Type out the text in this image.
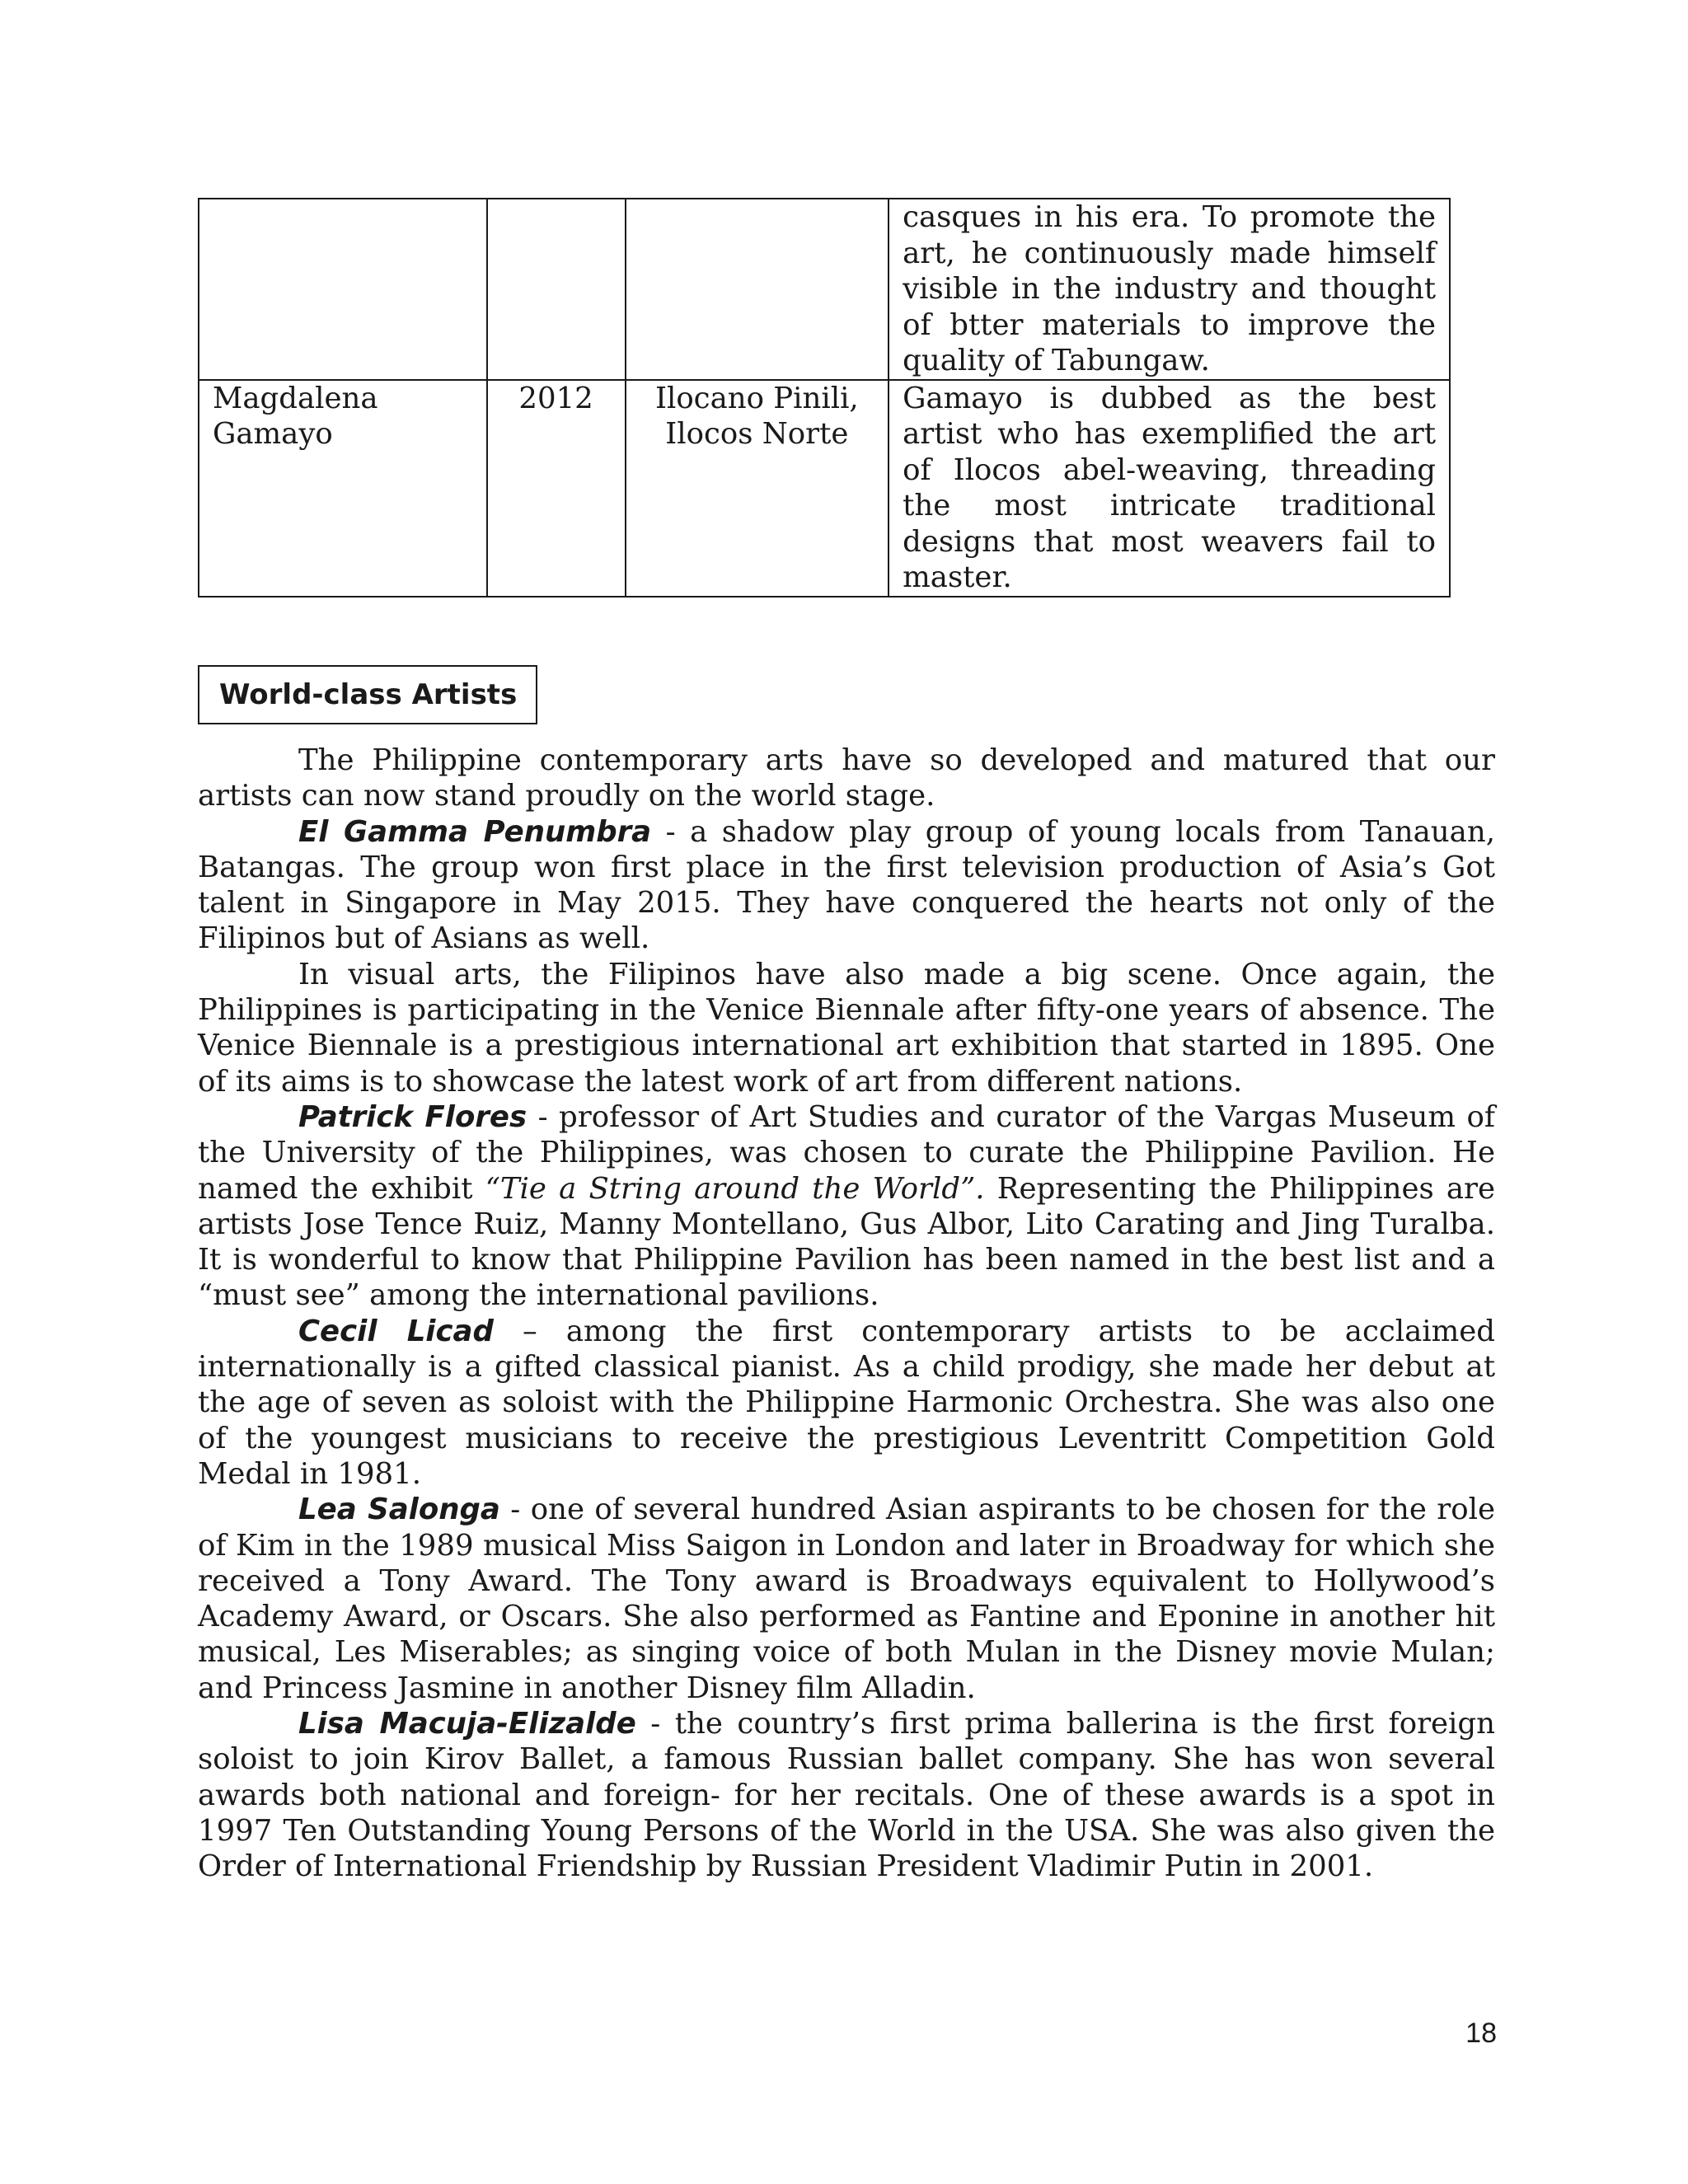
			casques in his era. To promote the art, he continuously made himself visible in the industry and thought of btter materials to improve the quality of Tabungaw.
Magdalena Gamayo	2012	Ilocano Pinili, Ilocos Norte	Gamayo is dubbed as the best artist who has exemplified the art of Ilocos abel-weaving, threading the most intricate traditional designs that most weavers fail to master.
World-class Artists

The Philippine contemporary arts have so developed and matured that our artists can now stand proudly on the world stage.

El Gamma Penumbra - a shadow play group of young locals from Tanauan, Batangas. The group won first place in the first television production of Asia’s Got talent in Singapore in May 2015. They have conquered the hearts not only of the Filipinos but of Asians as well.

In visual arts, the Filipinos have also made a big scene. Once again, the Philippines is participating in the Venice Biennale after fifty-one years of absence. The Venice Biennale is a prestigious international art exhibition that started in 1895. One of its aims is to showcase the latest work of art from different nations.

Patrick Flores - professor of Art Studies and curator of the Vargas Museum of the University of the Philippines, was chosen to curate the Philippine Pavilion. He named the exhibit “Tie a String around the World”. Representing the Philippines are artists Jose Tence Ruiz, Manny Montellano, Gus Albor, Lito Carating and Jing Turalba. It is wonderful to know that Philippine Pavilion has been named in the best list and a “must see” among the international pavilions.

Cecil Licad – among the first contemporary artists to be acclaimed internationally is a gifted classical pianist. As a child prodigy, she made her debut at the age of seven as soloist with the Philippine Harmonic Orchestra. She was also one of the youngest musicians to receive the prestigious Leventritt Competition Gold Medal in 1981.

Lea Salonga - one of several hundred Asian aspirants to be chosen for the role of Kim in the 1989 musical Miss Saigon in London and later in Broadway for which she received a Tony Award. The Tony award is Broadways equivalent to Hollywood’s Academy Award, or Oscars. She also performed as Fantine and Eponine in another hit musical, Les Miserables; as singing voice of both Mulan in the Disney movie Mulan; and Princess Jasmine in another Disney film Alladin.

Lisa Macuja-Elizalde - the country’s first prima ballerina is the first foreign soloist to join Kirov Ballet, a famous Russian ballet company. She has won several awards both national and foreign- for her recitals. One of these awards is a spot in 1997 Ten Outstanding Young Persons of the World in the USA. She was also given the Order of International Friendship by Russian President Vladimir Putin in 2001.

18
